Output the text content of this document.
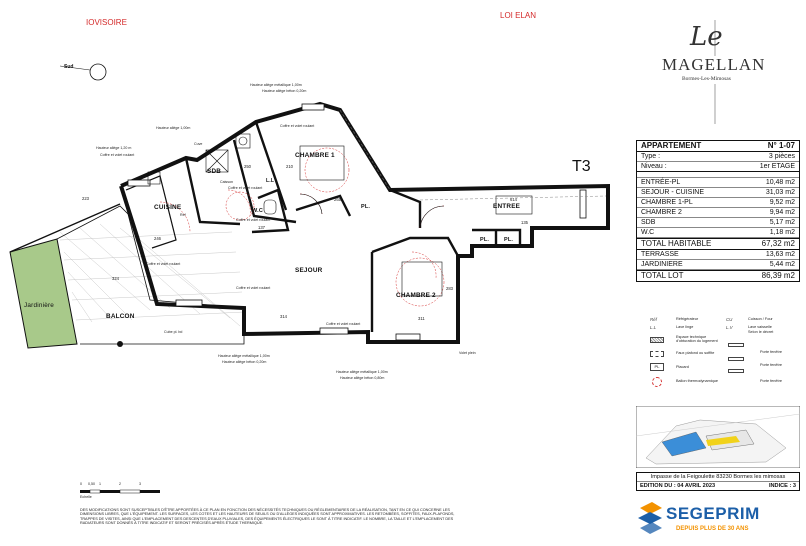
IOVISOIRE
LOI ELAN
Le
MAGELLAN
Bormes-Les-Mimosas
CHAMBRE 1
SDB
CUISINE	W.C
PL.
L.L
ENTREE
PL.	PL.
SEJOUR
CHAMBRE 2
BALCON
Jardinière
T3
Sud
Hauteur allège métallique 1,00m
Hauteur allège béton 0,20m
Hauteur allège 1,00m	Coffre et volet roulant
Hauteur allège 1,20 m
Coffre et volet roulant
Caisson
Coffre et volet roulant
Coffre et volet roulant
Coffre et volet roulant
Coffre et volet roulant
Coffre et volet roulant
Hauteur allège métallique 1,00m
Hauteur allège béton 0,20m
Hauteur allège métallique 1,00m
Hauteur allège béton 0,80m
Volet plein
Cube pl. bd
Réf
Cuve
223
314
324
265
311
250
135
210
246
614
283
137
APPARTEMENT	N° 1-07
Type :	3 pièces
Niveau :	1er ETAGE
ENTRÉE-PL	10,48 m2
SEJOUR - CUISINE	31,03 m2
CHAMBRE 1-PL	9,52 m2
CHAMBRE 2	9,94 m2
SDB	5,17 m2
W.C	1,18 m2
TOTAL HABITABLE	67,32 m2
TERRASSE	13,63 m2
JARDINIERE	5,44 m2
TOTAL LOT	86,39 m2
Réf	Réfrigérateur
L.L	Lave linge
CU	Cuisson / Four
L.V	Lave vaisselle
Selon le décret
Espace technique d'obturation du logement
Faux plafond ou soffite
PL	Placard
Ballon thermodynamique
Porte fenêtre
Porte fenêtre
Porte fenêtre
Impasse de la Feigoulette 83230 Bormes les mimosas
EDITION DU : 04 AVRIL 2023	INDICE : 3
0 0,50 1	2	3
Echelle
DES MODIFICATIONS SONT SUSCEPTIBLES D'ÊTRE APPORTÉES À CE PLAN EN FONCTION DES NÉCESSITÉS TECHNIQUES OU RÉGLEMENTAIRES DE LA RÉALISATION, TANT EN CE QUI CONCERNE LES DIMENSIONS LIBRES, QUE L'ÉQUIPEMENT. LES SURFACES, LES COTES ET LES HAUTEURS DE SEUILS OU D'ALLÈGES INDIQUÉES SONT APPROXIMATIVES. LES RETOMBÉES, SOFFITES, FAUX-PLAFONDS, TRAPPES DE VISITES, AINSI QUE L'EMPLACEMENT DES DESCENTES D'EAUX PLUVIALES, DES ÉQUIPEMENTS ÉLECTRIQUES LE SONT À TITRE INDICATIF. LE NOMBRE, LA TAILLE ET L'EMPLACEMENT DES RADIATEURS SONT DONNÉS À TITRE INDICATIF ET SERONT PRÉCISÉS APRÈS ÉTUDE THERMIQUE.
SEGEPRIM
DEPUIS PLUS DE 30 ANS
